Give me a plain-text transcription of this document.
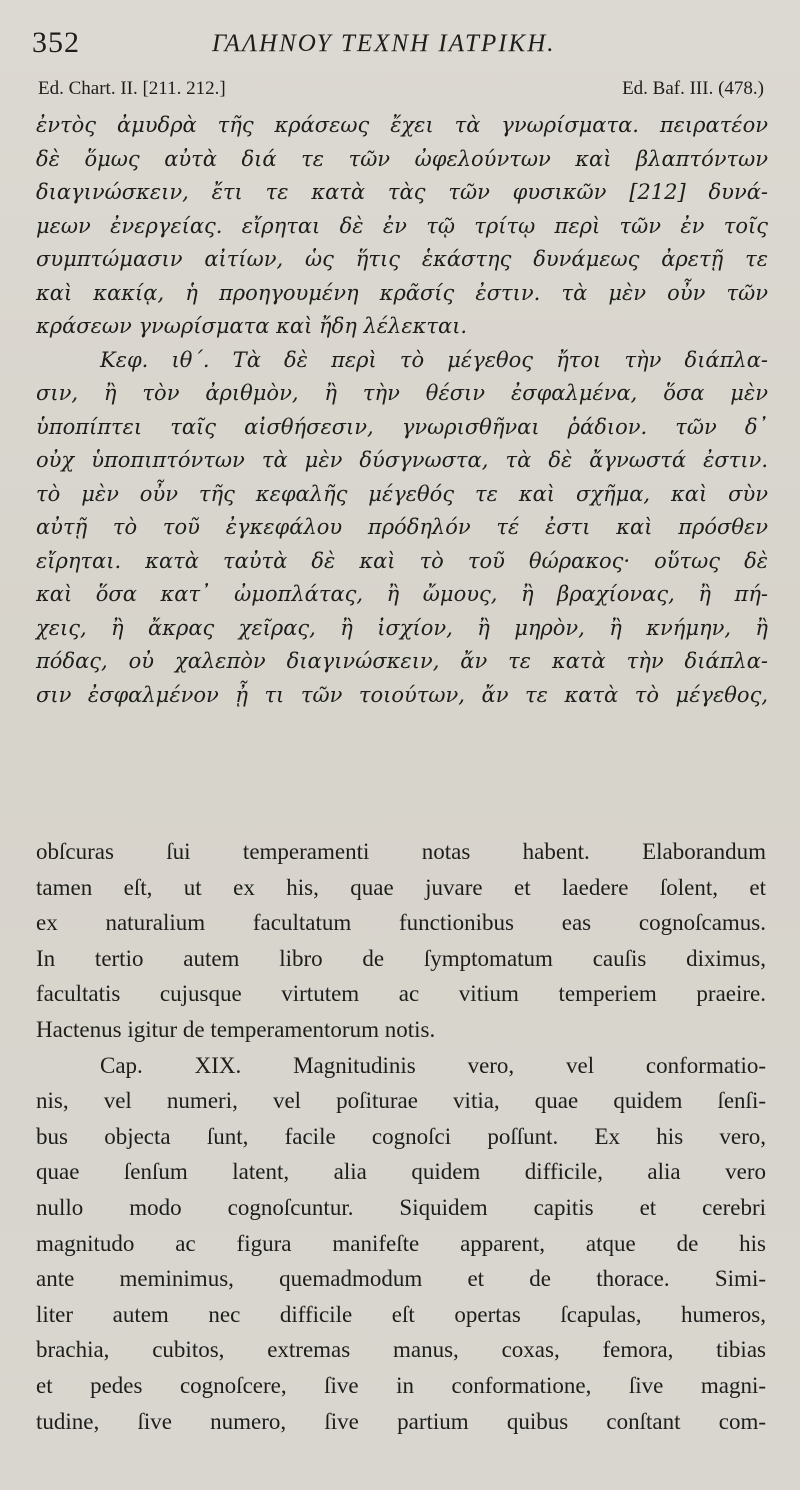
352	ΓΑΛΗΝΟΥ ΤΕΧΝΗ ΙΑΤΡΙΚΗ.
Ed. Chart. II. [211. 212.]	Ed. Baf. III. (478.)
ἐντὸς ἀμυδρὰ τῆς κράσεως ἔχει τὰ γνωρίσματα. πειρατέον
δὲ ὅμως αὐτὰ διά τε τῶν ὠφελούντων καὶ βλαπτόντων
διαγινώσκειν, ἔτι τε κατὰ τὰς τῶν φυσικῶν [212] δυνά-
μεων ἐνεργείας. εἴρηται δὲ ἐν τῷ τρίτῳ περὶ τῶν ἐν τοῖς
συμπτώμασιν αἰτίων, ὡς ἥτις ἑκάστης δυνάμεως ἀρετῇ τε
καὶ κακίᾳ, ἡ προηγουμένη κρᾶσίς ἐστιν. τὰ μὲν οὖν τῶν
κράσεων γνωρίσματα καὶ ἤδη λέλεκται.
Κεφ. ιθ΄. Τὰ δὲ περὶ τὸ μέγεθος ἤτοι τὴν διάπλα-
σιν, ἢ τὸν ἀριθμὸν, ἢ τὴν θέσιν ἐσφαλμένα, ὅσα μὲν
ὑποπίπτει ταῖς αἰσθήσεσιν, γνωρισθῆναι ῥάδιον. τῶν δ᾽
οὐχ ὑποπιπτόντων τὰ μὲν δύσγνωστα, τὰ δὲ ἄγνωστά ἐστιν.
τὸ μὲν οὖν τῆς κεφαλῆς μέγεθός τε καὶ σχῆμα, καὶ σὺν
αὐτῇ τὸ τοῦ ἐγκεφάλου πρόδηλόν τέ ἐστι καὶ πρόσθεν
εἴρηται. κατὰ ταὐτὰ δὲ καὶ τὸ τοῦ θώρακος· οὕτως δὲ
καὶ ὅσα κατ᾽ ὠμοπλάτας, ἢ ὤμους, ἢ βραχίονας, ἢ πή-
χεις, ἢ ἄκρας χεῖρας, ἢ ἰσχίον, ἢ μηρὸν, ἢ κνήμην, ἢ
πόδας, οὐ χαλεπὸν διαγινώσκειν, ἄν τε κατὰ τὴν διάπλα-
σιν ἐσφαλμένον ᾖ τι τῶν τοιούτων, ἄν τε κατὰ τὸ μέγεθος,
obſcuras ſui temperamenti notas habent. Elaborandum
tamen eſt, ut ex his, quae juvare et laedere ſolent, et
ex naturalium facultatum functionibus eas cognoſcamus.
In tertio autem libro de ſymptomatum cauſis diximus,
facultatis cujusque virtutem ac vitium temperiem praeire.
Hactenus igitur de temperamentorum notis.
Cap. XIX. Magnitudinis vero, vel conformatio-
nis, vel numeri, vel poſiturae vitia, quae quidem ſenſi-
bus objecta ſunt, facile cognoſci poſſunt. Ex his vero,
quae ſenſum latent, alia quidem difficile, alia vero
nullo modo cognoſcuntur. Siquidem capitis et cerebri
magnitudo ac figura manifeſte apparent, atque de his
ante meminimus, quemadmodum et de thorace. Simi-
liter autem nec difficile eſt opertas ſcapulas, humeros,
brachia, cubitos, extremas manus, coxas, femora, tibias
et pedes cognoſcere, ſive in conformatione, ſive magni-
tudine, ſive numero, ſive partium quibus conſtant com-
